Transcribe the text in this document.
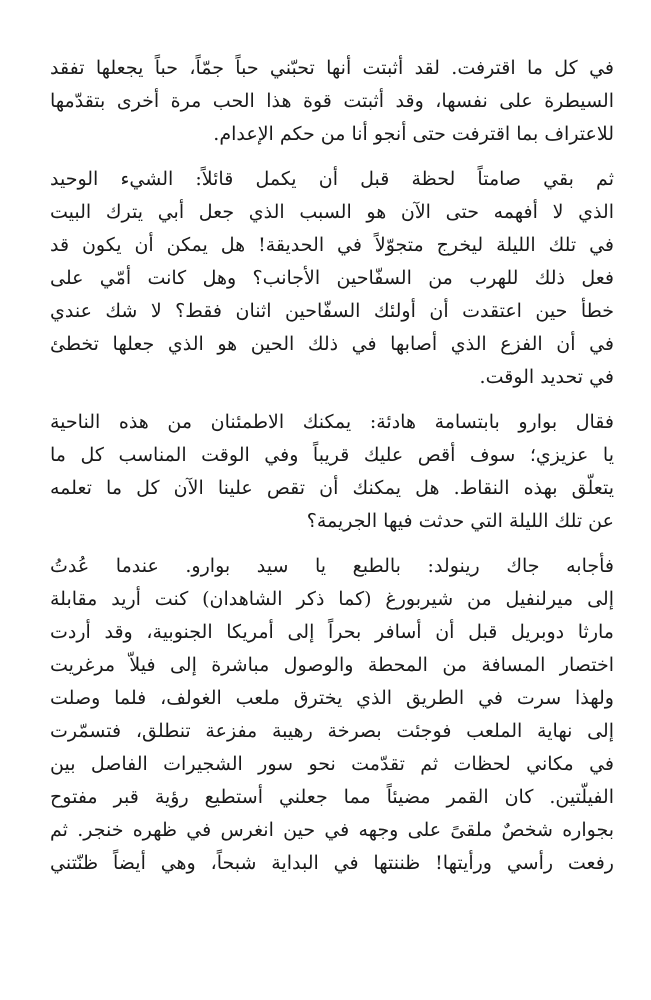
في كل ما اقترفت. لقد أثبتت أنها تحبّني حباً جمّاً، حباً يجعلها تفقد
السيطرة على نفسها، وقد أثبتت قوة هذا الحب مرة أخرى بتقدّمها
للاعتراف بما اقترفت حتى أنجو أنا من حكم الإعدام.
ثم بقي صامتاً لحظة قبل أن يكمل قائلاً: الشيء الوحيد
الذي لا أفهمه حتى الآن هو السبب الذي جعل أبي يترك البيت
في تلك الليلة ليخرج متجوّلاً في الحديقة! هل يمكن أن يكون قد
فعل ذلك للهرب من السفّاحين الأجانب؟ وهل كانت أمّي على
خطأ حين اعتقدت أن أولئك السفّاحين اثنان فقط؟ لا شك عندي
في أن الفزع الذي أصابها في ذلك الحين هو الذي جعلها تخطئ
في تحديد الوقت.
فقال بوارو بابتسامة هادئة: يمكنك الاطمئنان من هذه الناحية
يا عزيزي؛ سوف أقص عليك قريباً وفي الوقت المناسب كل ما
يتعلّق بهذه النقاط. هل يمكنك أن تقص علينا الآن كل ما تعلمه
عن تلك الليلة التي حدثت فيها الجريمة؟
فأجابه جاك رينولد: بالطبع يا سيد بوارو. عندما عُدتُ
إلى ميرلنفيل من شيربورغ (كما ذكر الشاهدان) كنت أريد مقابلة
مارثا دوبريل قبل أن أسافر بحراً إلى أمريكا الجنوبية، وقد أردت
اختصار المسافة من المحطة والوصول مباشرة إلى فيلاّ مرغريت
ولهذا سرت في الطريق الذي يخترق ملعب الغولف، فلما وصلت
إلى نهاية الملعب فوجئت بصرخة رهيبة مفزعة تنطلق، فتسمّرت
في مكاني لحظات ثم تقدّمت نحو سور الشجيرات الفاصل بين
الفيلّتين. كان القمر مضيئاً مما جعلني أستطيع رؤية قبر مفتوح
بجواره شخصٌ ملقىً على وجهه في حين انغرس في ظهره خنجر. ثم
رفعت رأسي ورأيتها! ظننتها في البداية شبحاً، وهي أيضاً ظنّتني
